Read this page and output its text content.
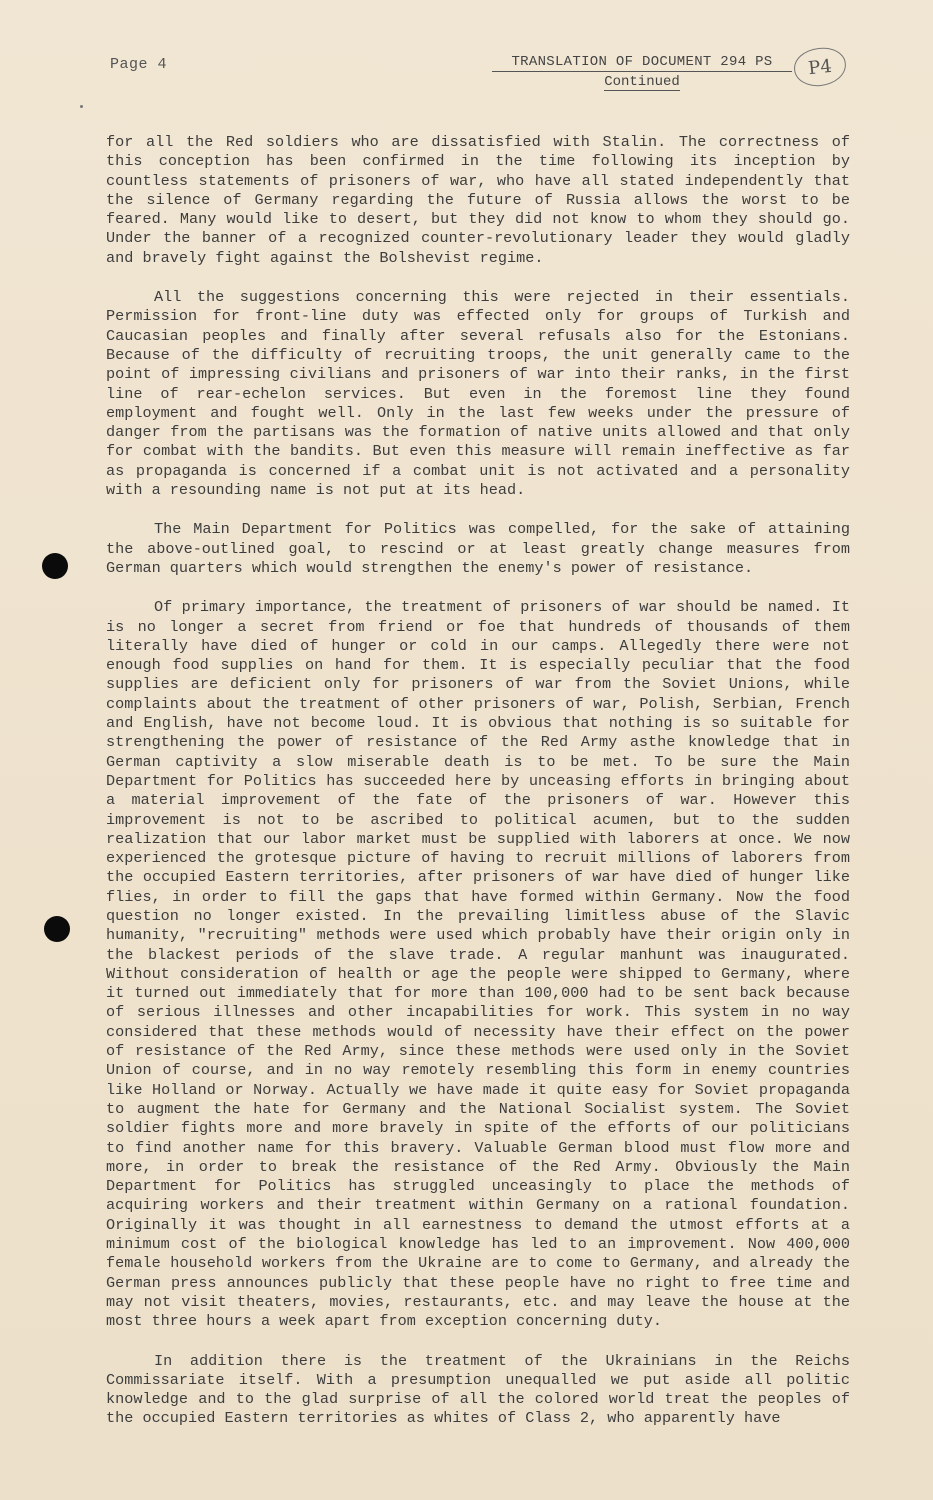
Page 4	TRANSLATION OF DOCUMENT 294 PS
Continued
P4

for all the Red soldiers who are dissatisfied with Stalin. The correctness of this conception has been confirmed in the time following its inception by countless statements of prisoners of war, who have all stated independently that the silence of Germany regarding the future of Russia allows the worst to be feared. Many would like to desert, but they did not know to whom they should go. Under the banner of a recognized counter-revolutionary leader they would gladly and bravely fight against the Bolshevist regime.

All the suggestions concerning this were rejected in their essentials. Permission for front-line duty was effected only for groups of Turkish and Caucasian peoples and finally after several refusals also for the Estonians. Because of the difficulty of recruiting troops, the unit generally came to the point of impressing civilians and prisoners of war into their ranks, in the first line of rear-echelon services. But even in the foremost line they found employment and fought well. Only in the last few weeks under the pressure of danger from the partisans was the formation of native units allowed and that only for combat with the bandits. But even this measure will remain ineffective as far as propaganda is concerned if a combat unit is not activated and a personality with a resounding name is not put at its head.

The Main Department for Politics was compelled, for the sake of attaining the above-outlined goal, to rescind or at least greatly change measures from German quarters which would strengthen the enemy's power of resistance.

Of primary importance, the treatment of prisoners of war should be named. It is no longer a secret from friend or foe that hundreds of thousands of them literally have died of hunger or cold in our camps. Allegedly there were not enough food supplies on hand for them. It is especially peculiar that the food supplies are deficient only for prisoners of war from the Soviet Unions, while complaints about the treatment of other prisoners of war, Polish, Serbian, French and English, have not become loud. It is obvious that nothing is so suitable for strengthening the power of resistance of the Red Army asthe knowledge that in German captivity a slow miserable death is to be met. To be sure the Main Department for Politics has succeeded here by unceasing efforts in bringing about a material improvement of the fate of the prisoners of war. However this improvement is not to be ascribed to political acumen, but to the sudden realization that our labor market must be supplied with laborers at once. We now experienced the grotesque picture of having to recruit millions of laborers from the occupied Eastern territories, after prisoners of war have died of hunger like flies, in order to fill the gaps that have formed within Germany. Now the food question no longer existed. In the prevailing limitless abuse of the Slavic humanity, "recruiting" methods were used which probably have their origin only in the blackest periods of the slave trade. A regular manhunt was inaugurated. Without consideration of health or age the people were shipped to Germany, where it turned out immediately that for more than 100,000 had to be sent back because of serious illnesses and other incapabilities for work. This system in no way considered that these methods would of necessity have their effect on the power of resistance of the Red Army, since these methods were used only in the Soviet Union of course, and in no way remotely resembling this form in enemy countries like Holland or Norway. Actually we have made it quite easy for Soviet propaganda to augment the hate for Germany and the National Socialist system. The Soviet soldier fights more and more bravely in spite of the efforts of our politicians to find another name for this bravery. Valuable German blood must flow more and more, in order to break the resistance of the Red Army. Obviously the Main Department for Politics has struggled unceasingly to place the methods of acquiring workers and their treatment within Germany on a rational foundation. Originally it was thought in all earnestness to demand the utmost efforts at a minimum cost of the biological knowledge has led to an improvement. Now 400,000 female household workers from the Ukraine are to come to Germany, and already the German press announces publicly that these people have no right to free time and may not visit theaters, movies, restaurants, etc. and may leave the house at the most three hours a week apart from exception concerning duty.

In addition there is the treatment of the Ukrainians in the Reichs Commissariate itself. With a presumption unequalled we put aside all politic knowledge and to the glad surprise of all the colored world treat the peoples of the occupied Eastern territories as whites of Class 2, who apparently have
